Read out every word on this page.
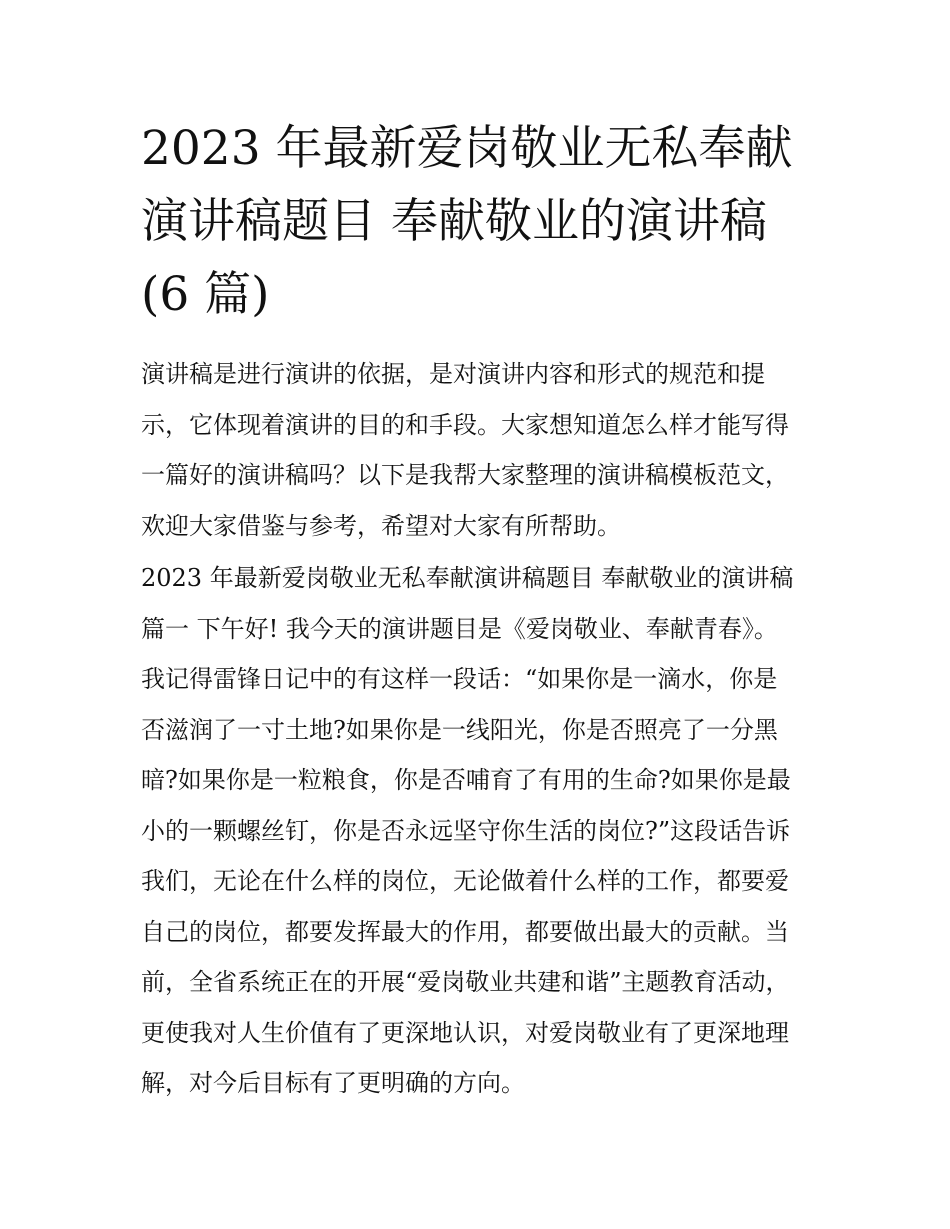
2023 年最新爱岗敬业无私奉献
演讲稿题目 奉献敬业的演讲稿
(6 篇)

演讲稿是进行演讲的依据，是对演讲内容和形式的规范和提
示，它体现着演讲的目的和手段。大家想知道怎么样才能写得
一篇好的演讲稿吗？以下是我帮大家整理的演讲稿模板范文，
欢迎大家借鉴与参考，希望对大家有所帮助。

2023 年最新爱岗敬业无私奉献演讲稿题目 奉献敬业的演讲稿
篇一 下午好! 我今天的演讲题目是《爱岗敬业、奉献青春》。
我记得雷锋日记中的有这样一段话：“如果你是一滴水，你是
否滋润了一寸土地?如果你是一线阳光，你是否照亮了一分黑
暗?如果你是一粒粮食，你是否哺育了有用的生命?如果你是最
小的一颗螺丝钉，你是否永远坚守你生活的岗位?”这段话告诉
我们，无论在什么样的岗位，无论做着什么样的工作，都要爱
自己的岗位，都要发挥最大的作用，都要做出最大的贡献。当
前，全省系统正在的开展“爱岗敬业共建和谐”主题教育活动，
更使我对人生价值有了更深地认识，对爱岗敬业有了更深地理
解，对今后目标有了更明确的方向。
